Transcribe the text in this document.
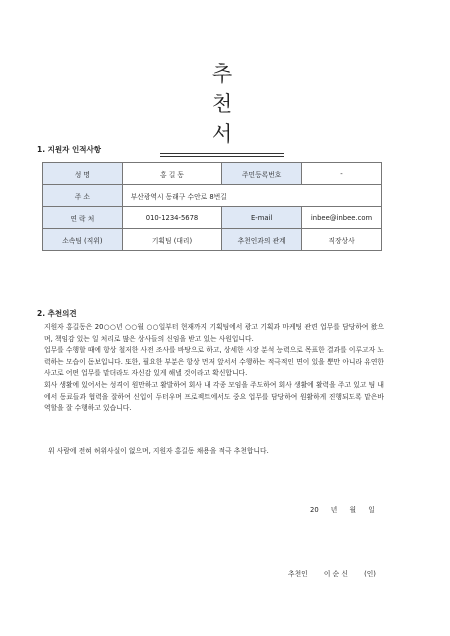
추 천 서
1. 지원자 인적사항
성 명	홍 길 동	주민등록번호	-
주 소	부산광역시 동래구 수안로 8번길		
연 락 처	010-1234-5678	E-mail	inbee@inbee.com
소속팀 (직위)	기획팀 (대리)	추천인과의 관계	직장상사
2. 추천의견

지원자 홍길동은 20○○년 ○○월 ○○일부터 현재까지 기획팀에서 광고 기획과 마케팅 관련 업무를 담당하여 왔으며, 책임감 있는 일 처리로 많은 상사들의 신임을 받고 있는 사원입니다.

업무를 수행할 때에 항상 철저한 사전 조사를 바탕으로 하고, 상세한 시장 분석 능력으로 목표한 결과를 이루고자 노력하는 모습이 돋보입니다. 또한, 필요한 부분은 항상 먼저 앞서서 수행하는 적극적인 면이 있을 뿐만 아니라 유연한 사고로 어떤 업무를 맡더라도 자신감 있게 해낼 것이라고 확신합니다.

회사 생활에 있어서는 성격이 원만하고 활발하여 회사 내 각종 모임을 주도하여 회사 생활에 활력을 주고 있고 팀 내에서 동료들과 협력을 잘하여 신입이 두터우며 프로젝트에서도 중요 업무를 담당하여 원활하게 진행되도록 맡은바 역할을 잘 수행하고 있습니다.

위 사람에 전혀 허위사실이 없으며, 지원자 홍길동 채용을 적극 추천합니다.
20 년 월 일
추천인 이 순 신 (인)
